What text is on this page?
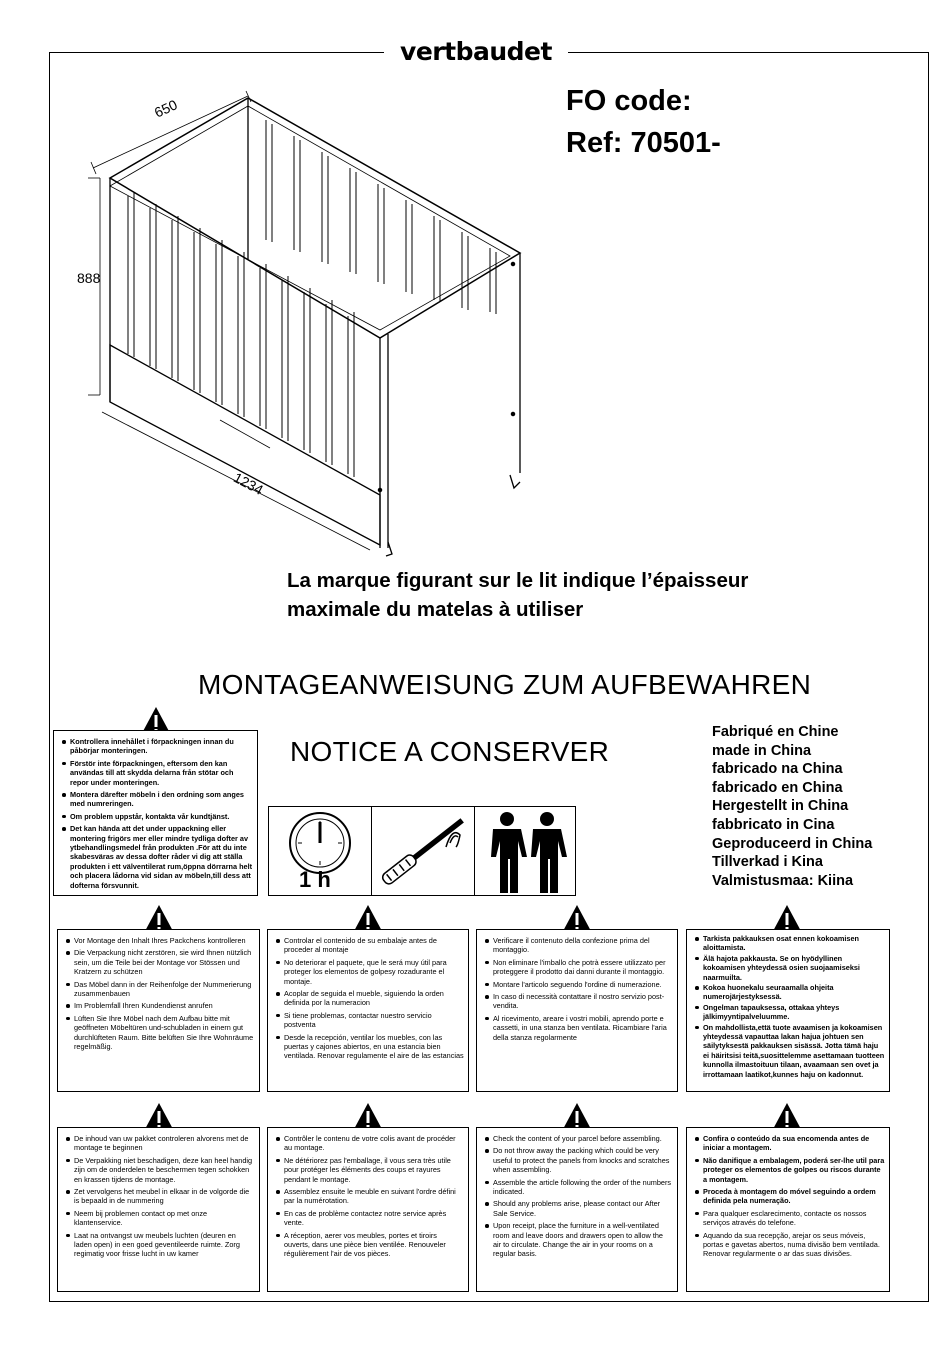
vertbaudet
FO code:
Ref: 70501-
650
888
1234
La marque figurant sur le lit indique l’épaisseur
maximale du matelas à utiliser
MONTAGEANWEISUNG ZUM AUFBEWAHREN
NOTICE A CONSERVER
Fabriqué en Chine
made in China
fabricado na China
fabricado en China
Hergestellt in China
fabbricato in Cina
Geproduceerd in China
Tillverkad i Kina
Valmistusmaa: Kiina
1 h
Kontrollera innehållet i förpackningen innan du påbörjar monteringen.
Förstör inte förpackningen, eftersom den kan användas till att skydda delarna från stötar och repor under monteringen.
Montera därefter möbeln i den ordning som anges med numreringen.
Om problem uppstår, kontakta vår kundtjänst.
Det kan hända att det under uppackning eller montering frigörs mer eller mindre tydliga dofter av ytbehandlingsmedel från produkten .För att du inte skabesväras av dessa dofter råder vi dig att ställa produkten i ett välventilerat rum,öppna dörrarna helt och placera lådorna vid sidan av möbeln,till dess att dofterna försvunnit.
Vor Montage den Inhalt Ihres Packchens kontrolleren
Die Verpackung nicht zerstören, sie wird Ihnen nützlich sein, um die Teile bei der Montage vor Stössen und Kratzern zu schützen
Das Möbel dann in der Reihenfolge der Nummerierung zusammenbauen
Im Problemfall Ihren Kundendienst anrufen
Lüften Sie Ihre Möbel nach dem Aufbau bitte mit geöffneten Möbeltüren und-schubladen in einern gut durchlüfteten Raum. Bitte belüften Sie Ihre Wohnräume regelmäßig.
Controlar el contenido de su embalaje antes de proceder al montaje
No deteriorar el paquete, que le será muy útil para proteger los elementos de golpesy rozadurante el montaje.
Acoplar de seguida el mueble, siguiendo la orden definida por la numeracion
Si tiene problemas, contactar nuestro servicio postventa
Desde la recepción, ventilar los muebles, con las puertas y cajones abiertos, en una estancia bien ventilada. Renovar regulamente el aire de las estancias
Verificare il contenuto della confezione prima del montaggio.
Non eliminare l'imballo che potrà essere utilizzato per proteggere il prodotto dai danni durante il montaggio.
Montare l'articolo seguendo l'ordine di numerazione.
In caso di necessità contattare il nostro servizio post-vendita.
Al ricevimento, areare i vostri mobili, aprendo porte e cassetti, in una stanza ben ventilata. Ricambiare l'aria della stanza regolarmente
Tarkista pakkauksen osat ennen kokoamisen aloittamista.
Älä hajota pakkausta. Se on hyödyllinen kokoamisen yhteydessä osien suojaamiseksi naarmuilta.
Kokoa huonekalu seuraamalla ohjeita numerojärjestyksessä.
Ongelman tapauksessa, ottakaa yhteys jälkimyyntipalveluumme.
On mahdollista,että tuote avaamisen ja kokoamisen yhteydessä vapauttaa lakan hajua johtuen sen säilytyksestä pakkauksen sisässä. Jotta tämä haju ei häiritsisi teitä,suosittelemme asettamaan tuotteen kunnolla ilmastoituun tilaan, avaamaan sen ovet ja irrottamaan laatikot,kunnes haju on kadonnut.
De inhoud van uw pakket controleren alvorens met de montage te beginnen
De Verpakking niet beschadigen, deze kan heel handig zijn om de onderdelen te beschermen tegen schokken en krassen tijdens de montage.
Zet vervolgens het meubel in elkaar in de volgorde die is bepaald in de nummering
Neem bij problemen contact op met onze klantenservice.
Laat na ontvangst uw meubels luchten (deuren en laden open) in een goed geventileerde ruimte. Zorg regimatig voor frisse lucht in uw kamer
Contrôler le contenu de votre colis avant de procéder au montage.
Ne détériorez pas l'emballage, il vous sera très utile pour protéger les éléments des coups et rayures pendant le montage.
Assemblez ensuite le meuble en suivant l'ordre défini par la numérotation.
En cas de problème contactez notre service après vente.
A réception, aerer vos meubles, portes et tiroirs ouverts, dans une pièce bien ventilée. Renouveler régulièrement l'air de vos pièces.
Check the content of your parcel before assembling.
Do not throw away the packing which could be very useful to protect the panels from knocks and scratches when assembling.
Assemble the article following the order of the numbers indicated.
Should any problems arise, please contact our After Sale Service.
Upon receipt, place the furniture in a well-ventilated room and leave doors and drawers open to allow the air to circulate. Change the air in your rooms on a regular basis.
Confira o conteúdo da sua encomenda antes de iniciar a montagem.
Não danifique a embalagem, poderá ser-lhe util para proteger os elementos de golpes ou riscos durante a montagem.
Proceda à montagem do móvel seguindo a ordem definida pela numeração.
Para qualquer esclarecimento, contacte os nossos serviços através do telefone.
Aquando da sua recepção, arejar os seus móveis, portas e gavetas abertos, numa divisão bem ventilada. Renovar regularmente o ar das suas divisões.
